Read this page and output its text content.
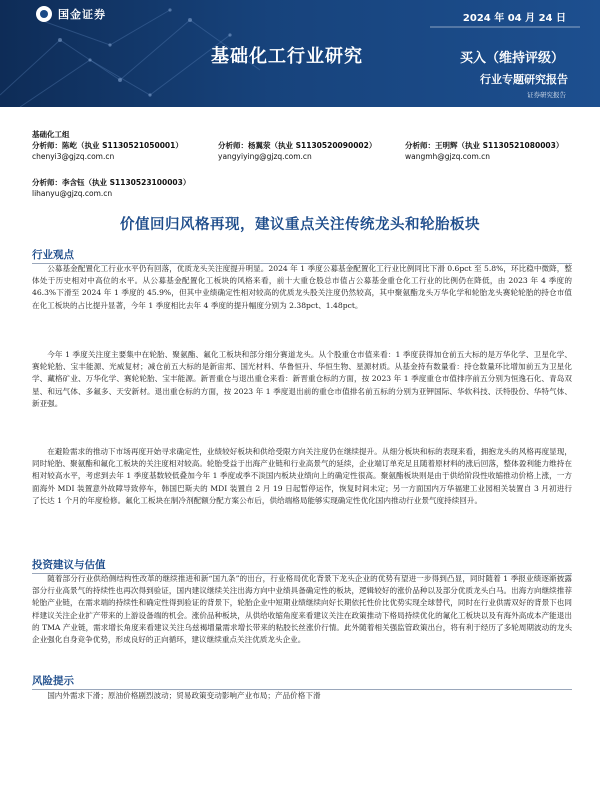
国金证券	2024 年 04 月 24 日
基础化工行业研究	买入（维持评级）
行业专题研究报告
证券研究报告
基础化工组
分析师：陈屹（执业 S1130521050001）
chenyi3@gjzq.com.cn
分析师：杨翼荥（执业 S1130520090002）
yangyiying@gjzq.com.cn
分析师：王明辉（执业 S1130521080003）
wangmh@gjzq.com.cn
分析师：李含钰（执业 S1130523100003）
lihanyu@gjzq.com.cn
价值回归风格再现，建议重点关注传统龙头和轮胎板块
行业观点

公募基金配置化工行业水平仍有回落，优质龙头关注度提升明显。2024 年 1 季度公募基金配置化工行业比例同比下滑 0.6pct 至 5.8%，环比稳中微降，整体处于历史相对中高位的水平。从公募基金配置化工板块的风格来看，前十大重仓股总市值占公募基金重仓化工行业的比例仍在降低，由 2023 年 4 季度的 46.3%下滑至 2024 年 1 季度的 45.9%，但其中业绩确定性相对较高的优质龙头股关注度仍然较高，其中聚氨酯龙头万华化学和轮胎龙头赛轮轮胎的持仓市值在化工板块的占比提升显著，今年 1 季度相比去年 4 季度的提升幅度分别为 2.38pct、1.48pct。

今年 1 季度关注度主要集中在轮胎、聚氨酯、氟化工板块和部分细分赛道龙头。从个股重仓市值来看：1 季度获得加仓前五大标的是万华化学、卫星化学、赛轮轮胎、宝丰能源、光威复材；减仓前五大标的是新宙邦、国光材料、华鲁恒升、华恒生物、星源材质。从基金持有数量看：持仓数量环比增加前五为卫星化学、藏格矿业、万华化学、赛轮轮胎、宝丰能源。新晋重仓与退出重仓来看：新晋重仓标的方面，按 2023 年 1 季度重仓市值排序前五分别为恒逸石化、青岛双星、和远气体、多氟多、天安新材。退出重仓标的方面，按 2023 年 1 季度退出前的重仓市值排名前五标的分别为亚钾国际、华软科技、沃特股份、华特气体、新亚强。

在避险需求的推动下市场再度开始寻求确定性，业绩较好板块和供给受限方向关注度仍在继续提升。从细分板块和标的表现来看，拥抱龙头的风格再度显现，同时轮胎、聚氨酯和氟化工板块的关注度相对较高。轮胎受益于出海产业链和行业高景气的延续，企业端订单充足且随着原材料的涨后回落，整体盈利能力维持在相对较高水平，考虑到去年 1 季度基数较低叠加今年 1 季度或季不淡国内板块业绩向上的确定性很高。聚氨酯板块则是由于供给阶段性收缩推动价格上涨，一方面海外 MDI 装置意外故障导致停车，韩国巴斯夫的 MDI 装置自 2 月 19 日起暂停运作，恢复时间未定；另一方面国内万华福建工业园相关装置自 3 月初进行了长达 1 个月的年度检修。氟化工板块在制冷剂配额分配方案公布后，供给端格局能够实现确定性优化国内推动行业景气度持续回升。

投资建议与估值

随着部分行业供给侧结构性改革的继续推进和新“国九条”的出台，行业格局优化背景下龙头企业的优势有望进一步得到凸显，同时随着 1 季报业绩逐渐披露部分行业高景气的持续性也再次得到验证，国内建议继续关注出海方向中业绩具备确定性的板块，逻辑较好的涨价品种以及部分优质龙头白马。出海方向继续推荐轮胎产业链，在需求端的持续性和确定性得到验证的背景下，轮胎企业中短期业绩继续向好长期依托性价比优势实现全球替代，同时在行业供需双好的背景下也同样建议关注企业扩产带来的上游设备端的机会。涨价品种板块，从供给收缩角度来看建议关注在政策推动下格局持续优化的氟化工板块以及有海外高成本产能退出的 TMA 产业链，需求增长角度来看建议关注乌兹褐增量需求增长带来的粘胶长丝涨价行情。此外随着相关强监管政策出台，将有利于经历了多轮周期波动的龙头企业强化自身竞争优势，形成良好的正向循环，建议继续重点关注优质龙头企业。

风险提示

国内外需求下滑；原油价格剧烈波动；贸易政策变动影响产业布局；产品价格下滑
